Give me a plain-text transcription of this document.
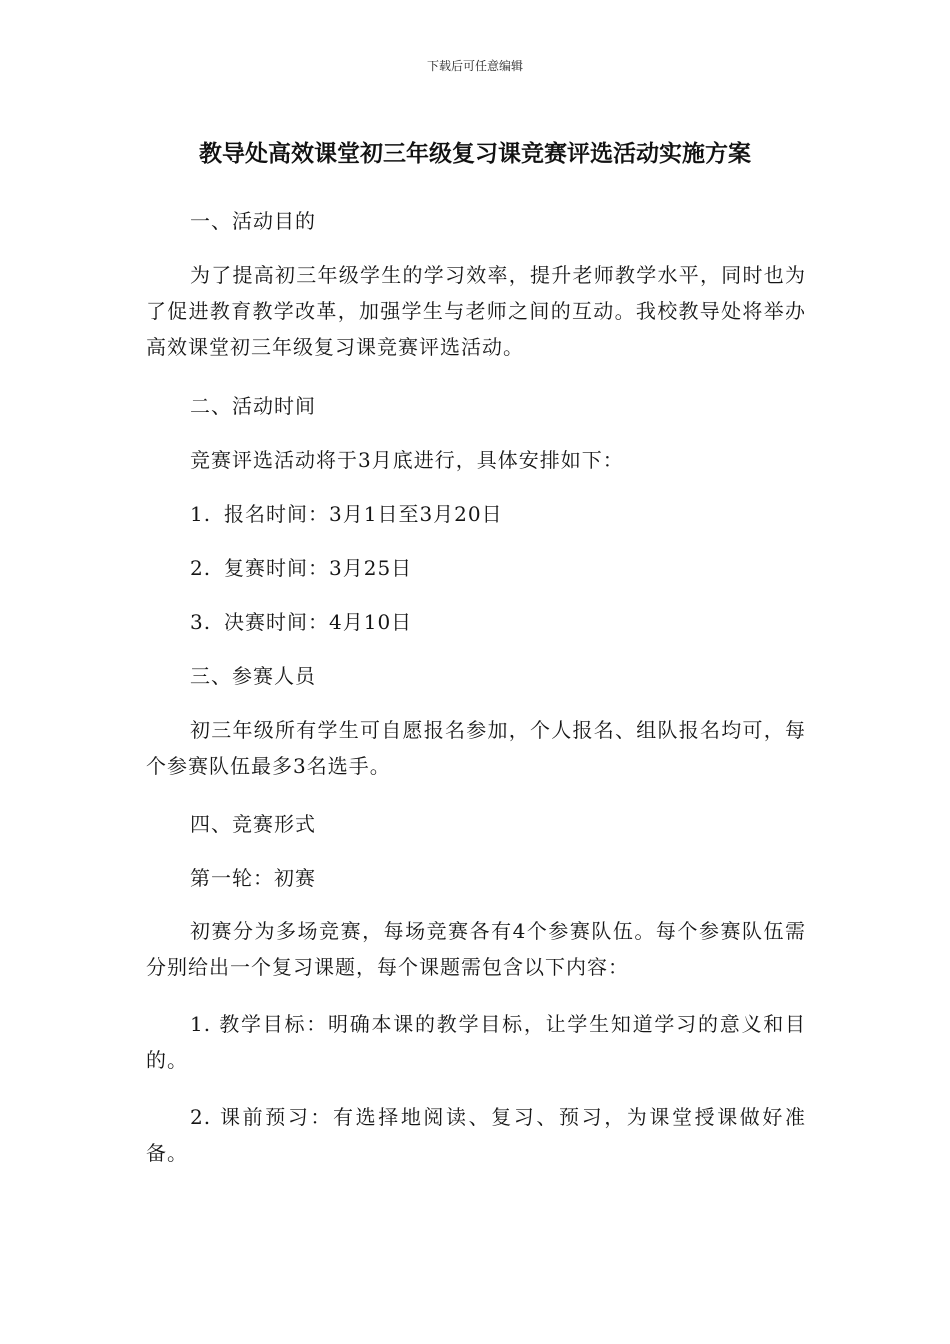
下载后可任意编辑
教导处高效课堂初三年级复习课竞赛评选活动实施方案

一、活动目的

为了提高初三年级学生的学习效率，提升老师教学水平，同时也为了促进教育教学改革，加强学生与老师之间的互动。我校教导处将举办高效课堂初三年级复习课竞赛评选活动。

二、活动时间

竞赛评选活动将于3月底进行，具体安排如下：

1. 报名时间：3月1日至3月20日

2. 复赛时间：3月25日

3. 决赛时间：4月10日

三、参赛人员

初三年级所有学生可自愿报名参加，个人报名、组队报名均可，每个参赛队伍最多3名选手。

四、竞赛形式

第一轮：初赛

初赛分为多场竞赛，每场竞赛各有4个参赛队伍。每个参赛队伍需分别给出一个复习课题，每个课题需包含以下内容：

1. 教学目标：明确本课的教学目标，让学生知道学习的意义和目的。

2. 课前预习：有选择地阅读、复习、预习，为课堂授课做好准备。
